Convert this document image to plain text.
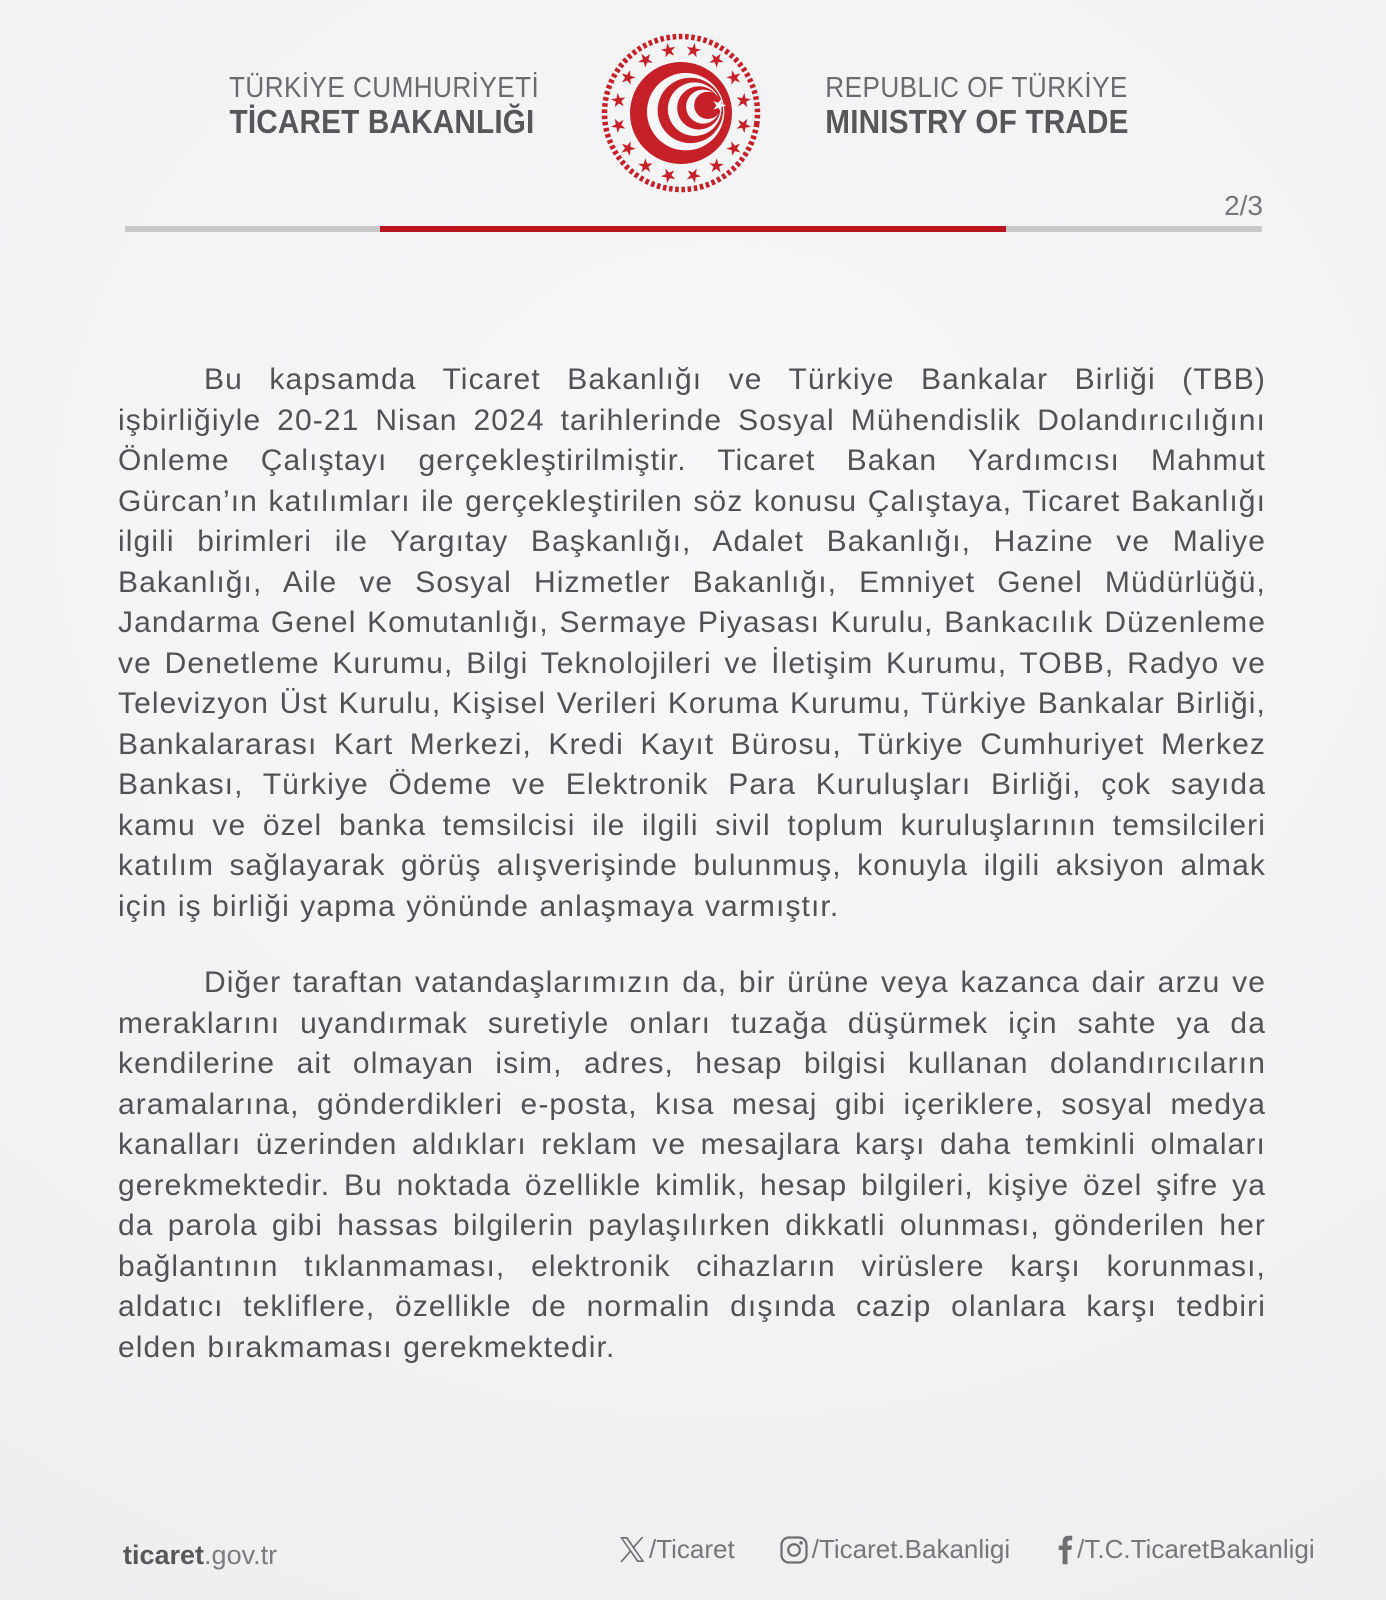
TÜRKİYE CUMHURİYETİ
TİCARET BAKANLIĞI
REPUBLIC OF TÜRKİYE
MINISTRY OF TRADE
2/3

Bu kapsamda Ticaret Bakanlığı ve Türkiye Bankalar Birliği (TBB) işbirliğiyle 20-21 Nisan 2024 tarihlerinde Sosyal Mühendislik Dolandırıcılığını Önleme Çalıştayı gerçekleştirilmiştir. Ticaret Bakan Yardımcısı Mahmut Gürcan’ın katılımları ile gerçekleştirilen söz konusu Çalıştaya, Ticaret Bakanlığı ilgili birimleri ile Yargıtay Başkanlığı, Adalet Bakanlığı, Hazine ve Maliye Bakanlığı, Aile ve Sosyal Hizmetler Bakanlığı, Emniyet Genel Müdürlüğü, Jandarma Genel Komutanlığı, Sermaye Piyasası Kurulu, Bankacılık Düzenleme ve Denetleme Kurumu, Bilgi Teknolojileri ve İletişim Kurumu, TOBB, Radyo ve Televizyon Üst Kurulu, Kişisel Verileri Koruma Kurumu, Türkiye Bankalar Birliği, Bankalararası Kart Merkezi, Kredi Kayıt Bürosu, Türkiye Cumhuriyet Merkez Bankası, Türkiye Ödeme ve Elektronik Para Kuruluşları Birliği, çok sayıda kamu ve özel banka temsilcisi ile ilgili sivil toplum kuruluşlarının temsilcileri katılım sağlayarak görüş alışverişinde bulunmuş, konuyla ilgili aksiyon almak için iş birliği yapma yönünde anlaşmaya varmıştır.

Diğer taraftan vatandaşlarımızın da, bir ürüne veya kazanca dair arzu ve meraklarını uyandırmak suretiyle onları tuzağa düşürmek için sahte ya da kendilerine ait olmayan isim, adres, hesap bilgisi kullanan dolandırıcıların aramalarına, gönderdikleri e-posta, kısa mesaj gibi içeriklere, sosyal medya kanalları üzerinden aldıkları reklam ve mesajlara karşı daha temkinli olmaları gerekmektedir. Bu noktada özellikle kimlik, hesap bilgileri, kişiye özel şifre ya da parola gibi hassas bilgilerin paylaşılırken dikkatli olunması, gönderilen her bağlantının tıklanmaması, elektronik cihazların virüslere karşı korunması, aldatıcı tekliflere, özellikle de normalin dışında cazip olanlara karşı tedbiri elden bırakmaması gerekmektedir.

ticaret.gov.tr	/Ticaret	/Ticaret.Bakanligi	/T.C.TicaretBakanligi
